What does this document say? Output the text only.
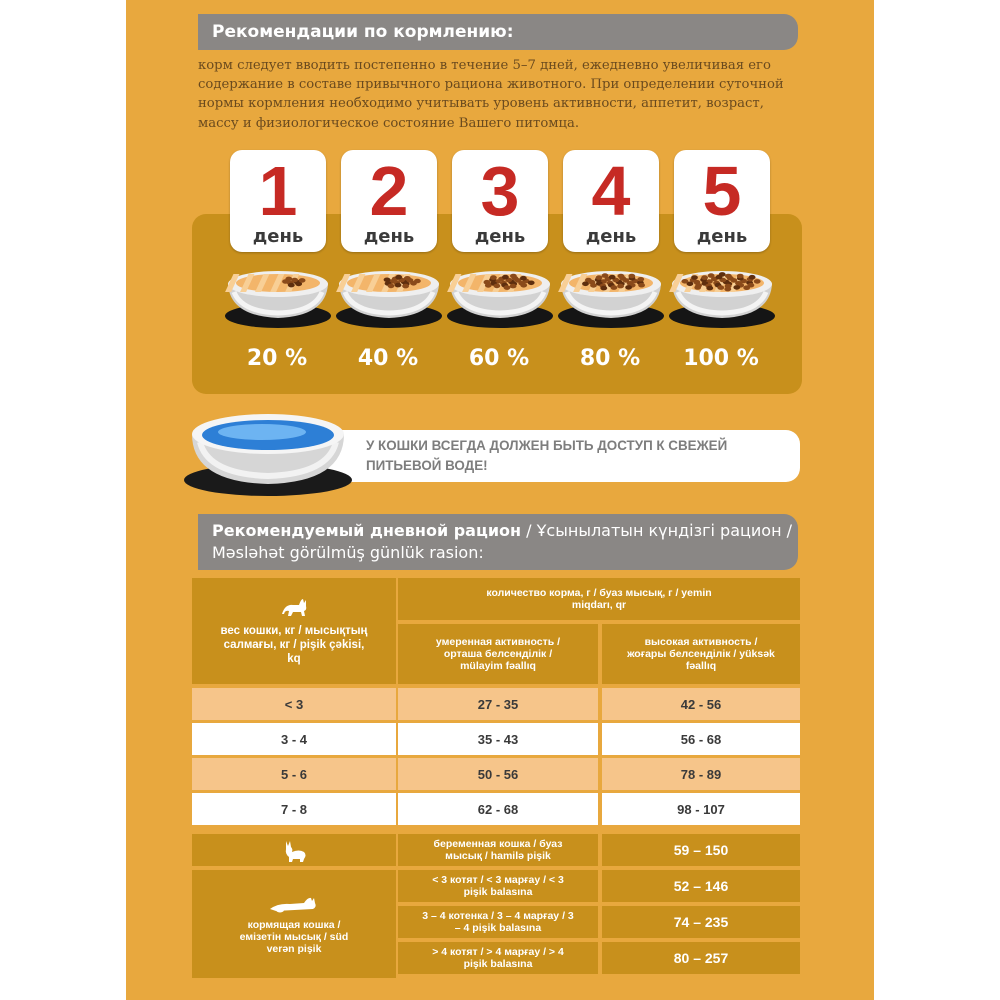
Рекомендации по кормлению:
корм следует вводить постепенно в течение 5–7 дней, ежедневно увеличивая его содержание в составе привычного рациона животного. При определении суточной нормы кормления необходимо учитывать уровень активности, аппетит, возраст, массу и физиологическое состояние Вашего питомца.
1
день
2
день
3
день
4
день
5
день
20 %	40 %	60 %	80 %	100 %
У КОШКИ ВСЕГДА ДОЛЖЕН БЫТЬ ДОСТУП К СВЕЖЕЙ ПИТЬЕВОЙ ВОДЕ!
Рекомендуемый дневной рацион / Ұсынылатын күндізгі рацион /
Məsləhət görülmüş günlük rasion:
вес кошки, кг / мысықтың салмағы, кг / pişik çəkisi, kq
количество корма, г / буаз мысық, г / yemin miqdarı, qr
умеренная активность / орташа белсенділік / mülayim fəallıq
высокая активность / жоғары белсенділік / yüksək fəallıq
< 3	27 - 35	42 - 56
3 - 4	35 - 43	56 - 68
5 - 6	50 - 56	78 - 89
7 - 8	62 - 68	98 - 107
беременная кошка / буаз мысық / hamilə pişik	59 – 150
кормящая кошка / емізетін мысық / süd verən pişik
< 3 котят / < 3 марғау / < 3 pişik balasına	52 – 146
3 – 4 котенка / 3 – 4 марғау / 3 – 4 pişik balasına	74 – 235
> 4 котят / > 4 марғау / > 4 pişik balasına	80 – 257
